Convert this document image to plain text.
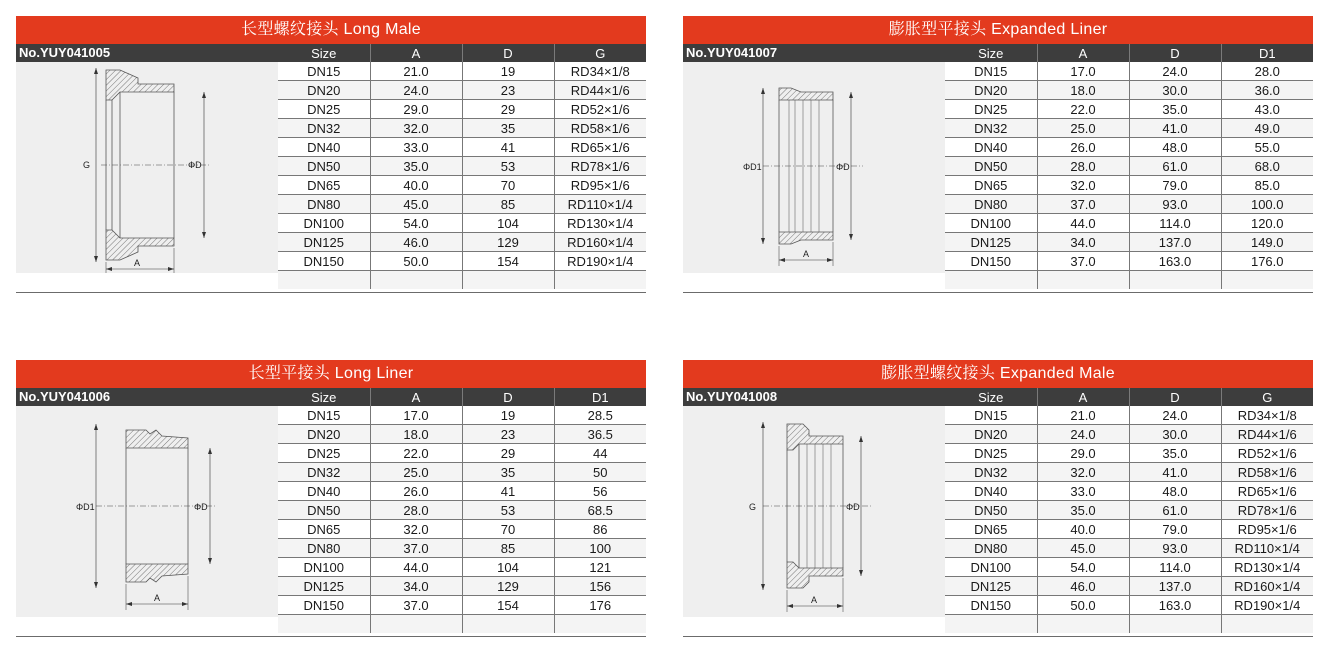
长型螺纹接头 Long Male
No.YUY041005
G	ΦD
A
Size	A	D	G
DN15	21.0	19	RD34×1/8
DN20	24.0	23	RD44×1/6
DN25	29.0	29	RD52×1/6
DN32	32.0	35	RD58×1/6
DN40	33.0	41	RD65×1/6
DN50	35.0	53	RD78×1/6
DN65	40.0	70	RD95×1/6
DN80	45.0	85	RD110×1/4
DN100	54.0	104	RD130×1/4
DN125	46.0	129	RD160×1/4
DN150	50.0	154	RD190×1/4

膨胀型平接头 Expanded Liner
No.YUY041007
ΦD1	ΦD
A
Size	A	D	D1
DN15	17.0	24.0	28.0
DN20	18.0	30.0	36.0
DN25	22.0	35.0	43.0
DN32	25.0	41.0	49.0
DN40	26.0	48.0	55.0
DN50	28.0	61.0	68.0
DN65	32.0	79.0	85.0
DN80	37.0	93.0	100.0
DN100	44.0	114.0	120.0
DN125	34.0	137.0	149.0
DN150	37.0	163.0	176.0

长型平接头 Long Liner
No.YUY041006
ΦD1	ΦD
A
Size	A	D	D1
DN15	17.0	19	28.5
DN20	18.0	23	36.5
DN25	22.0	29	44
DN32	25.0	35	50
DN40	26.0	41	56
DN50	28.0	53	68.5
DN65	32.0	70	86
DN80	37.0	85	100
DN100	44.0	104	121
DN125	34.0	129	156
DN150	37.0	154	176

膨胀型螺纹接头 Expanded Male
No.YUY041008
G	ΦD
A
Size	A	D	G
DN15	21.0	24.0	RD34×1/8
DN20	24.0	30.0	RD44×1/6
DN25	29.0	35.0	RD52×1/6
DN32	32.0	41.0	RD58×1/6
DN40	33.0	48.0	RD65×1/6
DN50	35.0	61.0	RD78×1/6
DN65	40.0	79.0	RD95×1/6
DN80	45.0	93.0	RD110×1/4
DN100	54.0	114.0	RD130×1/4
DN125	46.0	137.0	RD160×1/4
DN150	50.0	163.0	RD190×1/4
